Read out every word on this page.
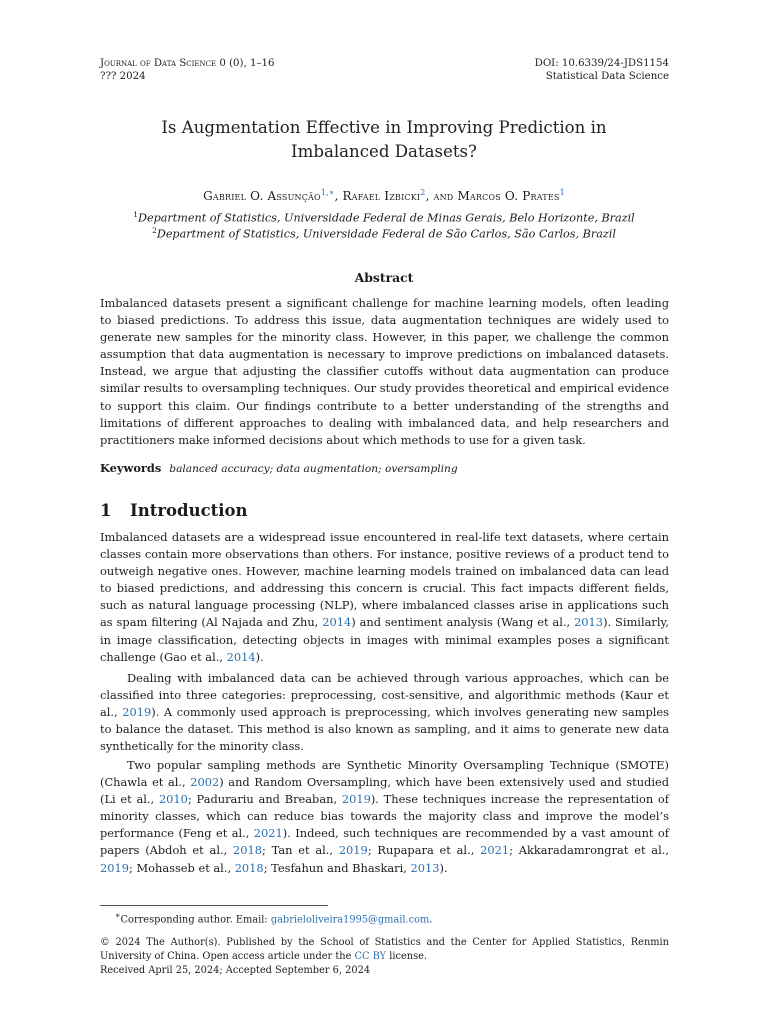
Journal of Data Science 0 (0), 1–16
??? 2024
DOI: 10.6339/24-JDS1154
Statistical Data Science
Is Augmentation Effective in Improving Prediction in
Imbalanced Datasets?
Gabriel O. Assunção$^{1,∗}$, Rafael Izbicki$^2$, and Marcos O. Prates$^1$
$^1$Department of Statistics, Universidade Federal de Minas Gerais, Belo Horizonte, Brazil
$^2$Department of Statistics, Universidade Federal de São Carlos, São Carlos, Brazil
Abstract

Imbalanced datasets present a significant challenge for machine learning models, often leading to biased predictions. To address this issue, data augmentation techniques are widely used to generate new samples for the minority class. However, in this paper, we challenge the common assumption that data augmentation is necessary to improve predictions on imbalanced datasets. Instead, we argue that adjusting the classifier cutoffs without data augmentation can produce similar results to oversampling techniques. Our study provides theoretical and empirical evidence to support this claim. Our findings contribute to a better understanding of the strengths and limitations of different approaches to dealing with imbalanced data, and help researchers and practitioners make informed decisions about which methods to use for a given task.

Keywords balanced accuracy; data augmentation; oversampling
1 Introduction

Imbalanced datasets are a widespread issue encountered in real-life text datasets, where certain classes contain more observations than others. For instance, positive reviews of a product tend to outweigh negative ones. However, machine learning models trained on imbalanced data can lead to biased predictions, and addressing this concern is crucial. This fact impacts different fields, such as natural language processing (NLP), where imbalanced classes arise in applications such as spam filtering (Al Najada and Zhu, 2014) and sentiment analysis (Wang et al., 2013). Similarly, in image classification, detecting objects in images with minimal examples poses a significant challenge (Gao et al., 2014).

Dealing with imbalanced data can be achieved through various approaches, which can be classified into three categories: preprocessing, cost-sensitive, and algorithmic methods (Kaur et al., 2019). A commonly used approach is preprocessing, which involves generating new samples to balance the dataset. This method is also known as sampling, and it aims to generate new data synthetically for the minority class.

Two popular sampling methods are Synthetic Minority Oversampling Technique (SMOTE) (Chawla et al., 2002) and Random Oversampling, which have been extensively used and studied (Li et al., 2010; Padurariu and Breaban, 2019). These techniques increase the representation of minority classes, which can reduce bias towards the majority class and improve the model’s performance (Feng et al., 2021). Indeed, such techniques are recommended by a vast amount of papers (Abdoh et al., 2018; Tan et al., 2019; Rupapara et al., 2021; Akkaradamrongrat et al., 2019; Mohasseb et al., 2018; Tesfahun and Bhaskari, 2013).

∗Corresponding author. Email: gabrieloliveira1995@gmail.com.
© 2024 The Author(s). Published by the School of Statistics and the Center for Applied Statistics, Renmin University of China. Open access article under the CC BY license.
Received April 25, 2024; Accepted September 6, 2024
